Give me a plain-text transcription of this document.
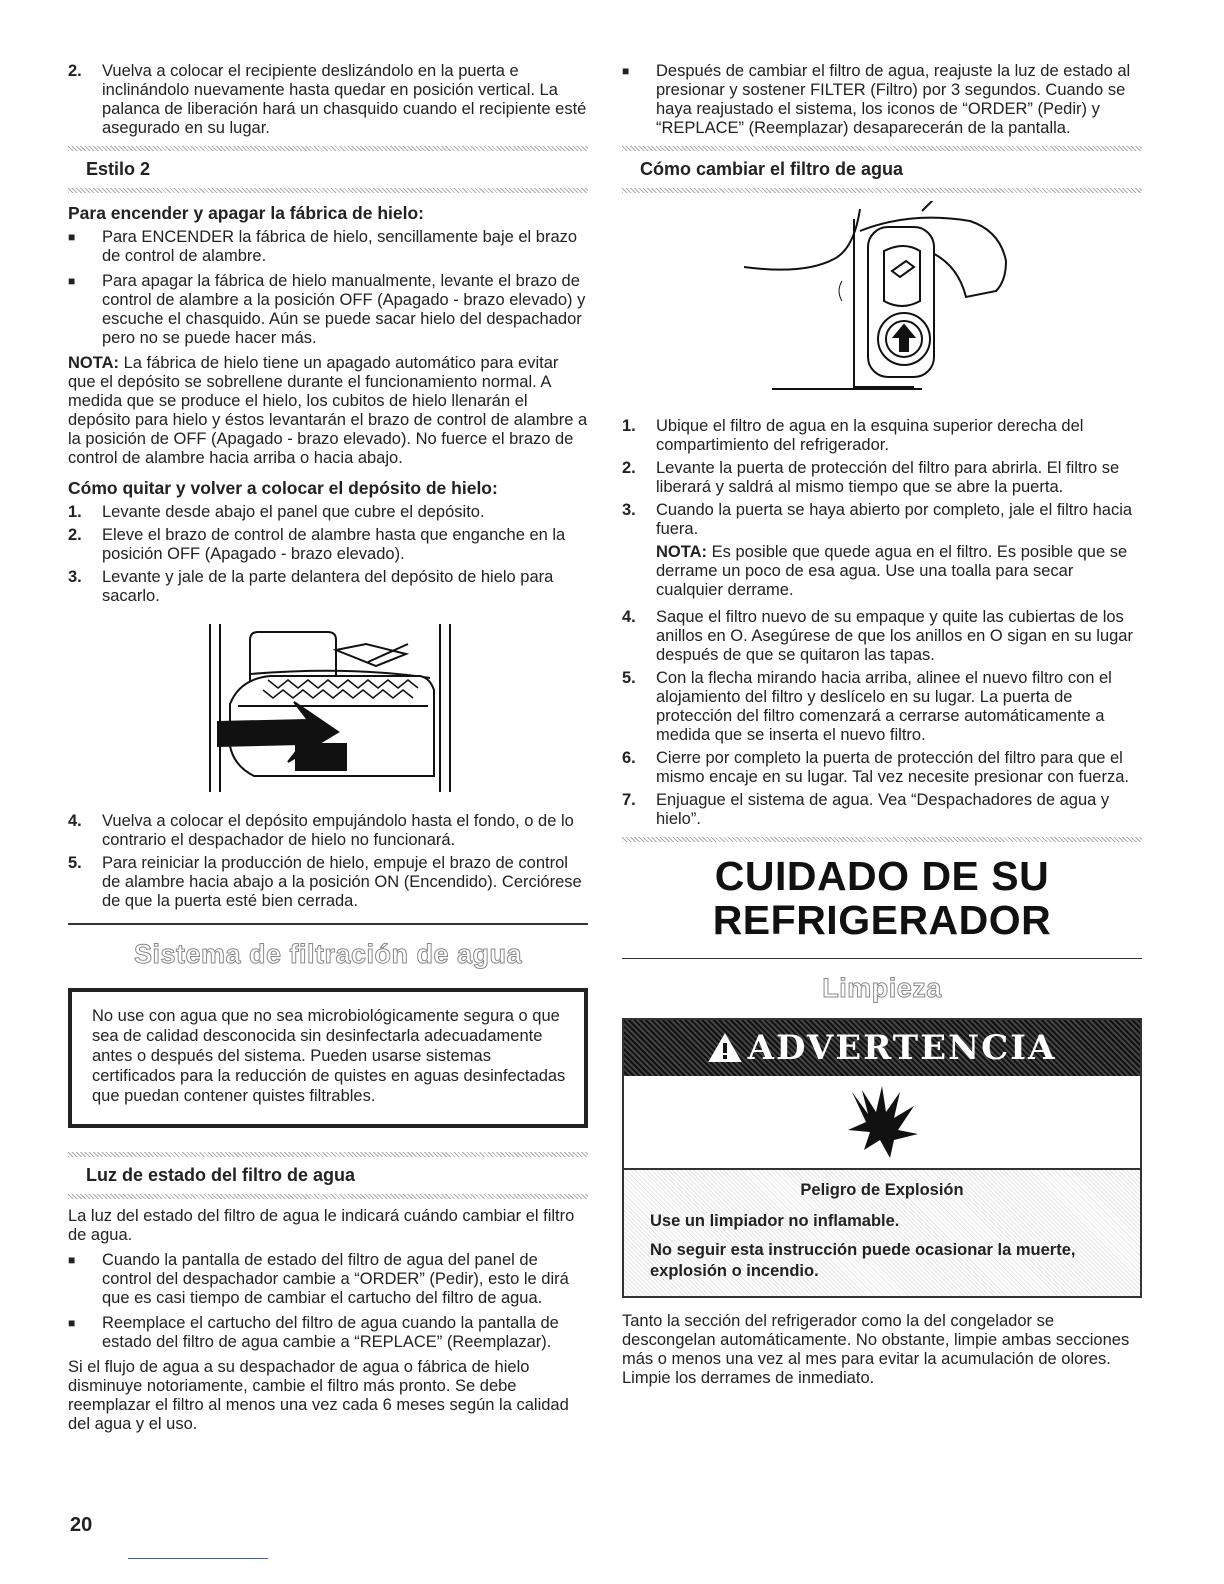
2.	Vuelva a colocar el recipiente deslizándolo en la puerta e inclinándolo nuevamente hasta quedar en posición vertical. La palanca de liberación hará un chasquido cuando el recipiente esté asegurado en su lugar.
Estilo 2
Para encender y apagar la fábrica de hielo:
■	Para ENCENDER la fábrica de hielo, sencillamente baje el brazo de control de alambre.
■	Para apagar la fábrica de hielo manualmente, levante el brazo de control de alambre a la posición OFF (Apagado - brazo elevado) y escuche el chasquido. Aún se puede sacar hielo del despachador pero no se puede hacer más.

NOTA: La fábrica de hielo tiene un apagado automático para evitar que el depósito se sobrellene durante el funcionamiento normal. A medida que se produce el hielo, los cubitos de hielo llenarán el depósito para hielo y éstos levantarán el brazo de control de alambre a la posición de OFF (Apagado - brazo elevado). No fuerce el brazo de control de alambre hacia arriba o hacia abajo.

Cómo quitar y volver a colocar el depósito de hielo:
1.	Levante desde abajo el panel que cubre el depósito.
2.	Eleve el brazo de control de alambre hasta que enganche en la posición OFF (Apagado - brazo elevado).
3.	Levante y jale de la parte delantera del depósito de hielo para sacarlo.
4.	Vuelva a colocar el depósito empujándolo hasta el fondo, o de lo contrario el despachador de hielo no funcionará.
5.	Para reiniciar la producción de hielo, empuje el brazo de control de alambre hacia abajo a la posición ON (Encendido). Cerciórese de que la puerta esté bien cerrada.
Sistema de filtración de agua

No use con agua que no sea microbiológicamente segura o que sea de calidad desconocida sin desinfectarla adecuadamente antes o después del sistema. Pueden usarse sistemas certificados para la reducción de quistes en aguas desinfectadas que puedan contener quistes filtrables.

Luz de estado del filtro de agua

La luz del estado del filtro de agua le indicará cuándo cambiar el filtro de agua.

■	Cuando la pantalla de estado del filtro de agua del panel de control del despachador cambie a “ORDER” (Pedir), esto le dirá que es casi tiempo de cambiar el cartucho del filtro de agua.
■	Reemplace el cartucho del filtro de agua cuando la pantalla de estado del filtro de agua cambie a “REPLACE” (Reemplazar).

Si el flujo de agua a su despachador de agua o fábrica de hielo disminuye notoriamente, cambie el filtro más pronto. Se debe reemplazar el filtro al menos una vez cada 6 meses según la calidad del agua y el uso.

■	Después de cambiar el filtro de agua, reajuste la luz de estado al presionar y sostener FILTER (Filtro) por 3 segundos. Cuando se haya reajustado el sistema, los iconos de “ORDER” (Pedir) y “REPLACE” (Reemplazar) desaparecerán de la pantalla.
Cómo cambiar el filtro de agua
1.	Ubique el filtro de agua en la esquina superior derecha del compartimiento del refrigerador.
2.	Levante la puerta de protección del filtro para abrirla. El filtro se liberará y saldrá al mismo tiempo que se abre la puerta.
3.	Cuando la puerta se haya abierto por completo, jale el filtro hacia fuera.

NOTA: Es posible que quede agua en el filtro. Es posible que se derrame un poco de esa agua. Use una toalla para secar cualquier derrame.

4.	Saque el filtro nuevo de su empaque y quite las cubiertas de los anillos en O. Asegúrese de que los anillos en O sigan en su lugar después de que se quitaron las tapas.
5.	Con la flecha mirando hacia arriba, alinee el nuevo filtro con el alojamiento del filtro y deslícelo en su lugar. La puerta de protección del filtro comenzará a cerrarse automáticamente a medida que se inserta el nuevo filtro.
6.	Cierre por completo la puerta de protección del filtro para que el mismo encaje en su lugar. Tal vez necesite presionar con fuerza.
7.	Enjuague el sistema de agua. Vea “Despachadores de agua y hielo”.
CUIDADO DE SU
REFRIGERADOR
Limpieza
ADVERTENCIA

Peligro de Explosión

Use un limpiador no inflamable.

No seguir esta instrucción puede ocasionar la muerte, explosión o incendio.

Tanto la sección del refrigerador como la del congelador se descongelan automáticamente. No obstante, limpie ambas secciones más o menos una vez al mes para evitar la acumulación de olores. Limpie los derrames de inmediato.

20
